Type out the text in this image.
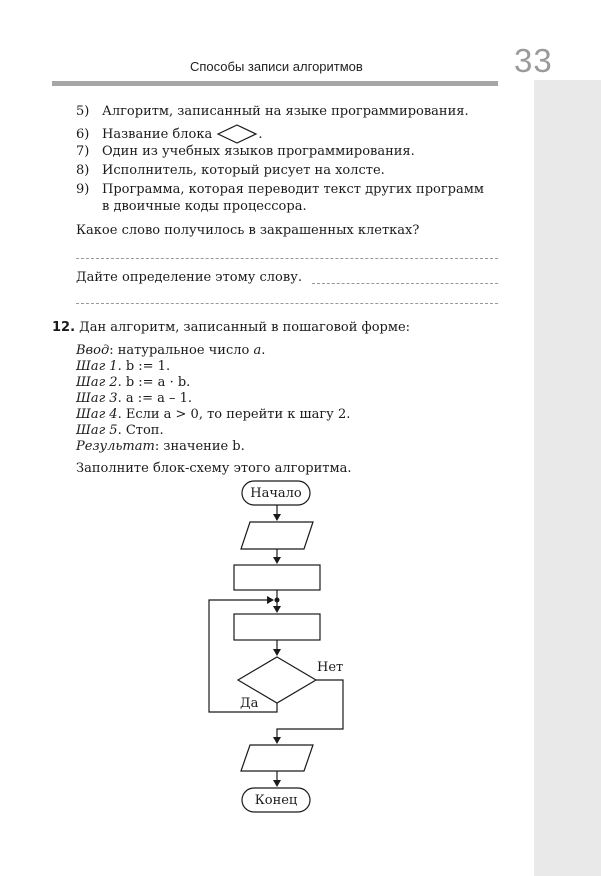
Способы записи алгоритмов	33
5) Алгоритм, записанный на языке программирования.
6) Название блока	.
7) Один из учебных языков программирования.
8) Исполнитель, который рисует на холсте.
9) Программа, которая переводит текст других программ
в двоичные коды процессора.
Какое слово получилось в закрашенных клетках?
Дайте определение этому слову.
12. Дан алгоритм, записанный в пошаговой форме:
Ввод: натуральное число a.
Шаг 1. b := 1.
Шаг 2. b := a · b.
Шаг 3. a := a – 1.
Шаг 4. Если a > 0, то перейти к шагу 2.
Шаг 5. Стоп.
Результат: значение b.
Заполните блок-схему этого алгоритма.
Начало
Конец
Нет
Да
